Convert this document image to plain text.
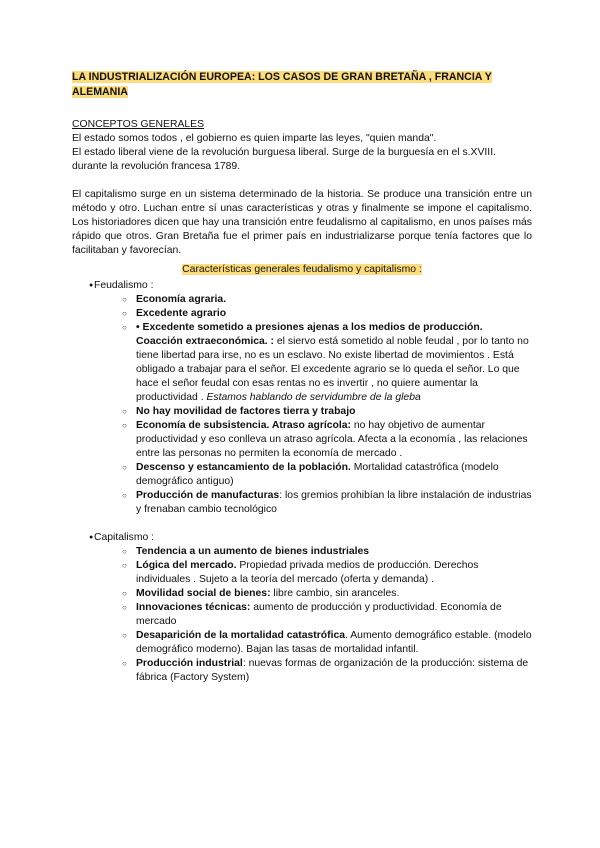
LA INDUSTRIALIZACIÓN EUROPEA: LOS CASOS DE GRAN BRETAÑA , FRANCIA Y
ALEMANIA
CONCEPTOS GENERALES
El estado somos todos , el gobierno es quien imparte las leyes, "quien manda".
El estado liberal viene de la revolución burguesa liberal. Surge de la burguesía en el s.XVIII.
durante la revolución francesa 1789.
El capitalismo surge en un sistema determinado de la historia. Se produce una transición entre un método y otro. Luchan entre sí unas características y otras y finalmente se impone el capitalismo. Los historiadores dicen que hay una transición entre feudalismo al capitalismo, en unos países más rápido que otros. Gran Bretaña fue el primer país en industrializarse porque tenía factores que lo facilitaban y favorecían.
Características generales feudalismo y capitalismo :
● Feudalismo :
○ Economía agraria.
○ Excedente agrario
○ • Excedente sometido a presiones ajenas a los medios de producción. Coacción extraeconómica. : el siervo está sometido al noble feudal , por lo tanto no tiene libertad para irse, no es un esclavo. No existe libertad de movimientos . Está obligado a trabajar para el señor. El excedente agrario se lo queda el señor. Lo que hace el señor feudal con esas rentas no es invertir , no quiere aumentar la productividad . Estamos hablando de servidumbre de la gleba
○ No hay movilidad de factores tierra y trabajo
○ Economía de subsistencia. Atraso agrícola: no hay objetivo de aumentar productividad y eso conlleva un atraso agrícola. Afecta a la economía , las relaciones entre las personas no permiten la economía de mercado .
○ Descenso y estancamiento de la población. Mortalidad catastrófica (modelo demográfico antiguo)
○ Producción de manufacturas: los gremios prohibían la libre instalación de industrias y frenaban cambio tecnológico
● Capitalismo :
○ Tendencia a un aumento de bienes industriales
○ Lógica del mercado. Propiedad privada medios de producción. Derechos individuales . Sujeto a la teoría del mercado (oferta y demanda) .
○ Movilidad social de bienes: libre cambio, sin aranceles.
○ Innovaciones técnicas: aumento de producción y productividad. Economía de mercado
○ Desaparición de la mortalidad catastrófica. Aumento demográfico estable. (modelo demográfico moderno). Bajan las tasas de mortalidad infantil.
○ Producción industrial: nuevas formas de organización de la producción: sistema de fábrica (Factory System)
